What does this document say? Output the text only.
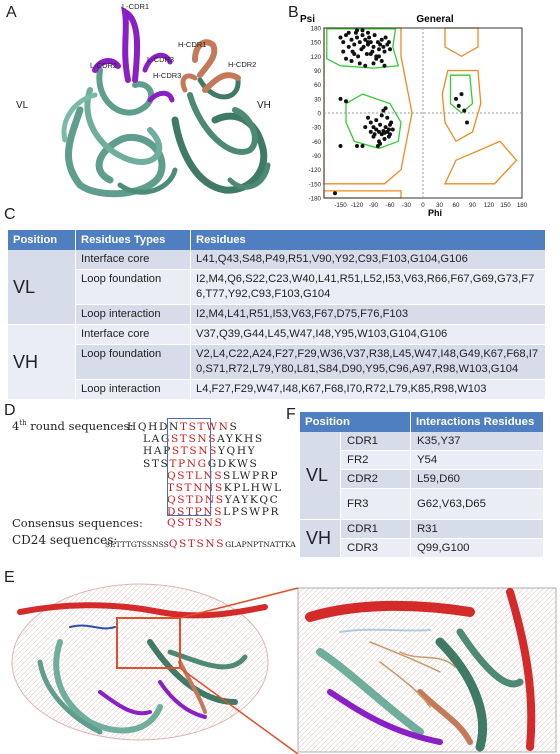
A	B
C
D	F
E
VL	VH
L-CDR1
L-CDR2
L-CDR3
H-CDR3
H-CDR1
H-CDR2
General
Psi
Phi
-150 -120 -90 -60 -30 0 30 60 90 120 150 180
180
150
120
90
60
30
0
-30
-60
-90
-120
-150
-180
Position	Residues Types	Residues
VL	Interface core	L41,Q43,S48,P49,R51,V90,Y92,C93,F103,G104,G106
	Loop foundation	I2,M4,Q6,S22,C23,W40,L41,R51,L52,I53,V63,R66,F67,G69,G73,F7 6,T77,Y92,C93,F103,G104
	Loop interaction	I2,M4,L41,R51,I53,V63,F67,D75,F76,F103
VH	Interface core	V37,Q39,G44,L45,W47,I48,Y95,W103,G104,G106
	Loop foundation	V2,L4,C22,A24,F27,F29,W36,V37,R38,L45,W47,I48,G49,K67,F68,I7 0,S71,R72,L79,Y80,L81,S84,D90,Y95,C96,A97,R98,W103,G104
	Loop interaction	L4,F27,F29,W47,I48,K67,F68,I70,R72,L79,K85,R98,W103
4th round sequences:
HQHDNTSTWNS
LAGSTSNSAYKHS
HAPSTSNSYQHY
STSTPNGGDKWS
QSTLNSSLWPRP
TSTNNSKPLHWL
QSTDNSYAYKQC
DSTPNSLPSWPR
Consensus sequences: QSTSNS
CD24 sequences:
SETTTGTSSNSSQSTSNSGLAPNPTNATTKA
Position		Interactions Residues
VL	CDR1	K35,Y37
	FR2	Y54
	CDR2	L59,D60
	FR3	G62,V63,D65
VH	CDR1	R31
	CDR3	Q99,G100
